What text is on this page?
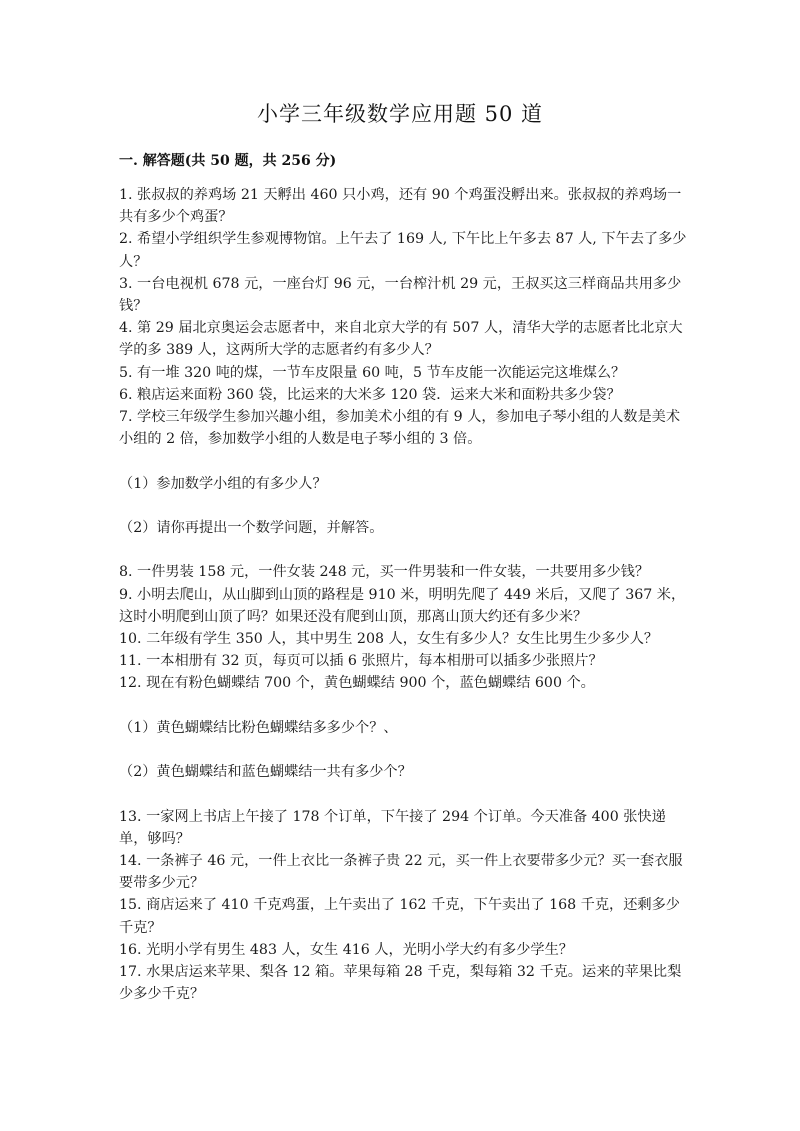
小学三年级数学应用题 50 道
一. 解答题(共 50 题，共 256 分)

1. 张叔叔的养鸡场 21 天孵出 460 只小鸡，还有 90 个鸡蛋没孵出来。张叔叔的养鸡场一共有多少个鸡蛋？

2. 希望小学组织学生参观博物馆。上午去了 169 人, 下午比上午多去 87 人, 下午去了多少人？

3. 一台电视机 678 元，一座台灯 96 元，一台榨汁机 29 元，王叔买这三样商品共用多少钱？

4. 第 29 届北京奥运会志愿者中，来自北京大学的有 507 人，清华大学的志愿者比北京大学的多 389 人，这两所大学的志愿者约有多少人？

5. 有一堆 320 吨的煤，一节车皮限量 60 吨，5 节车皮能一次能运完这堆煤么？

6. 粮店运来面粉 360 袋，比运来的大米多 120 袋．运来大米和面粉共多少袋？

7. 学校三年级学生参加兴趣小组，参加美术小组的有 9 人，参加电子琴小组的人数是美术小组的 2 倍，参加数学小组的人数是电子琴小组的 3 倍。

（1）参加数学小组的有多少人？

（2）请你再提出一个数学问题，并解答。

8. 一件男装 158 元，一件女装 248 元，买一件男装和一件女装，一共要用多少钱？

9. 小明去爬山，从山脚到山顶的路程是 910 米，明明先爬了 449 米后，又爬了 367 米，这时小明爬到山顶了吗？如果还没有爬到山顶，那离山顶大约还有多少米？

10. 二年级有学生 350 人，其中男生 208 人，女生有多少人？女生比男生少多少人？

11. 一本相册有 32 页，每页可以插 6 张照片，每本相册可以插多少张照片？

12. 现在有粉色蝴蝶结 700 个，黄色蝴蝶结 900 个，蓝色蝴蝶结 600 个。

（1）黄色蝴蝶结比粉色蝴蝶结多多少个？、

（2）黄色蝴蝶结和蓝色蝴蝶结一共有多少个？

13. 一家网上书店上午接了 178 个订单，下午接了 294 个订单。今天准备 400 张快递单，够吗？

14. 一条裤子 46 元，一件上衣比一条裤子贵 22 元，买一件上衣要带多少元？买一套衣服要带多少元？

15. 商店运来了 410 千克鸡蛋，上午卖出了 162 千克，下午卖出了 168 千克，还剩多少千克？

16. 光明小学有男生 483 人，女生 416 人，光明小学大约有多少学生？

17. 水果店运来苹果、梨各 12 箱。苹果每箱 28 千克，梨每箱 32 千克。运来的苹果比梨少多少千克？
